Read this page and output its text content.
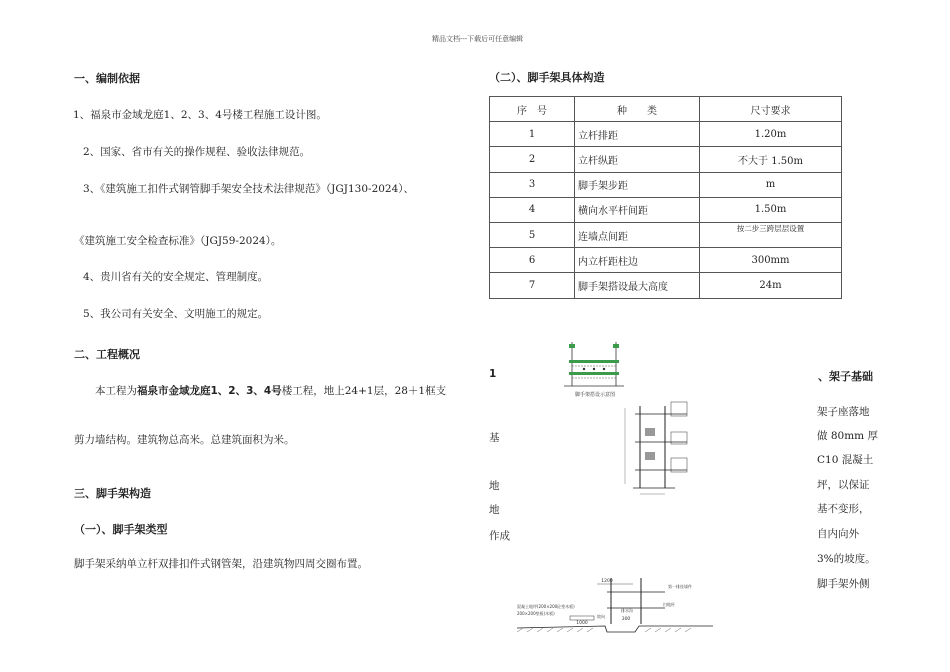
精品文档---下载后可任意编辑
一、编制依据
1、福泉市金域龙庭1、2、3、4号楼工程施工设计图。
2、国家、省市有关的操作规程、验收法律规范。
3、《建筑施工扣件式钢管脚手架安全技术法律规范》（JGJ130-2024）、
《建筑施工安全检查标准》（JGJ59-2024）。
4、贵川省有关的安全规定、管理制度。
5、我公司有关安全、文明施工的规定。
二、工程概况
本工程为福泉市金域龙庭1、2、3、4号楼工程，地上24+1层，28＋1框支
剪力墙结构。建筑物总高米。总建筑面积为米。
三、脚手架构造
（一）、脚手架类型
脚手架采纳单立杆双排扣件式钢管架，沿建筑物四周交圈布置。
（二）、脚手架具体构造
序　号	种　　类	尺寸要求
1	立杆排距	1.20m
2	立杆纵距	不大于 1.50m
3	脚手架步距	m
4	横向水平杆间距	1.50m
5	连墙点间距	按二步三跨层层设置
6	内立杆距柱边	300mm
7	脚手架搭设最大高度	24m
1
基
地
地
作成
、架子基础
架子座落地
做 80mm 厚
C10 混凝土
坪，以保证
基不变形，
自内向外
3%的坡度。
脚手架外侧
脚手架搭设示意图
1200
第一排连墙件
扫地杆
混凝土地坪(200×200砼垫木板)
200×200垫板(木板)
坡向
1000
300
排水沟
